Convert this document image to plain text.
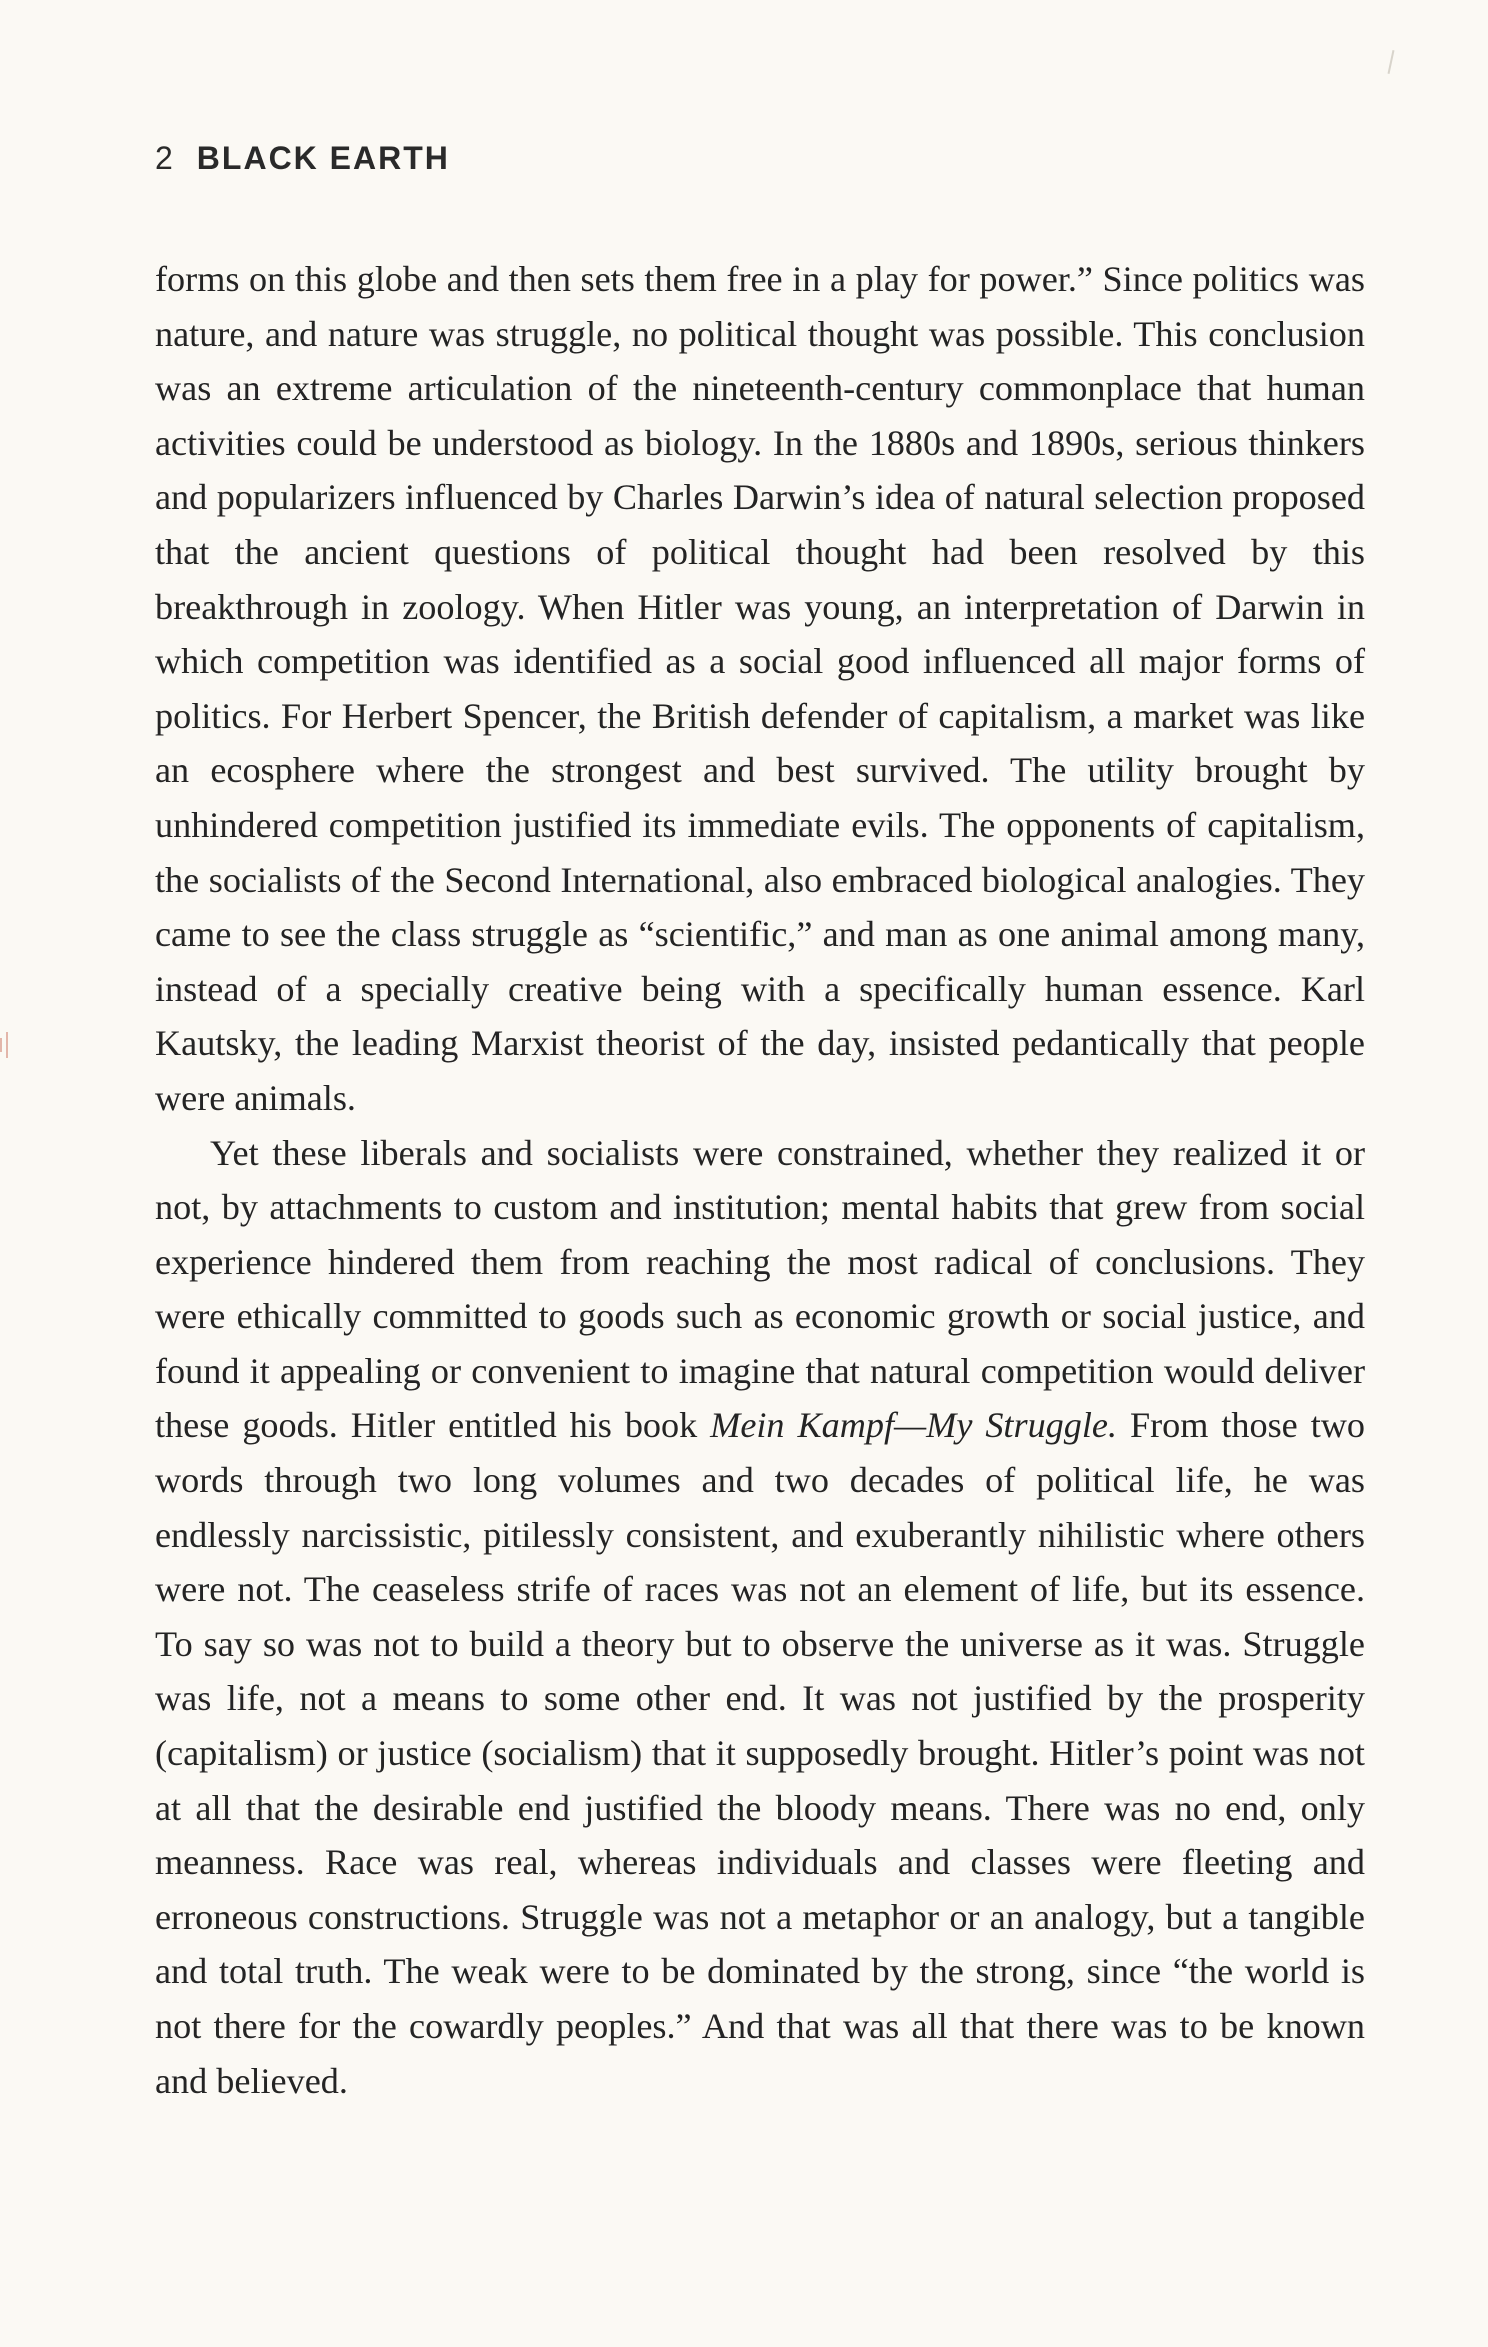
2 BLACK EARTH

forms on this globe and then sets them free in a play for power.” Since politics was nature, and nature was struggle, no political thought was possible. This conclusion was an extreme articulation of the nineteenth-century commonplace that human activities could be understood as biology. In the 1880s and 1890s, serious thinkers and popularizers influenced by Charles Darwin’s idea of natural selection proposed that the ancient questions of political thought had been resolved by this breakthrough in zoology. When Hitler was young, an interpretation of Darwin in which competition was identified as a social good influenced all major forms of politics. For Herbert Spencer, the British defender of capitalism, a market was like an ecosphere where the strongest and best survived. The utility brought by unhindered competition justified its immediate evils. The opponents of capitalism, the socialists of the Second International, also embraced biological analogies. They came to see the class struggle as “scientific,” and man as one animal among many, instead of a specially creative being with a specifically human essence. Karl Kautsky, the leading Marxist theorist of the day, insisted pedantically that people were animals.

Yet these liberals and socialists were constrained, whether they realized it or not, by attachments to custom and institution; mental habits that grew from social experience hindered them from reaching the most radical of conclusions. They were ethically committed to goods such as economic growth or social justice, and found it appealing or convenient to imagine that natural competition would deliver these goods. Hitler entitled his book Mein Kampf—My Struggle. From those two words through two long volumes and two decades of political life, he was endlessly narcissistic, pitilessly consistent, and exuberantly nihilistic where others were not. The ceaseless strife of races was not an element of life, but its essence. To say so was not to build a theory but to observe the universe as it was. Struggle was life, not a means to some other end. It was not justified by the prosperity (capitalism) or justice (socialism) that it supposedly brought. Hitler’s point was not at all that the desirable end justified the bloody means. There was no end, only meanness. Race was real, whereas individuals and classes were fleeting and erroneous constructions. Struggle was not a metaphor or an analogy, but a tangible and total truth. The weak were to be dominated by the strong, since “the world is not there for the cowardly peoples.” And that was all that there was to be known and believed.
